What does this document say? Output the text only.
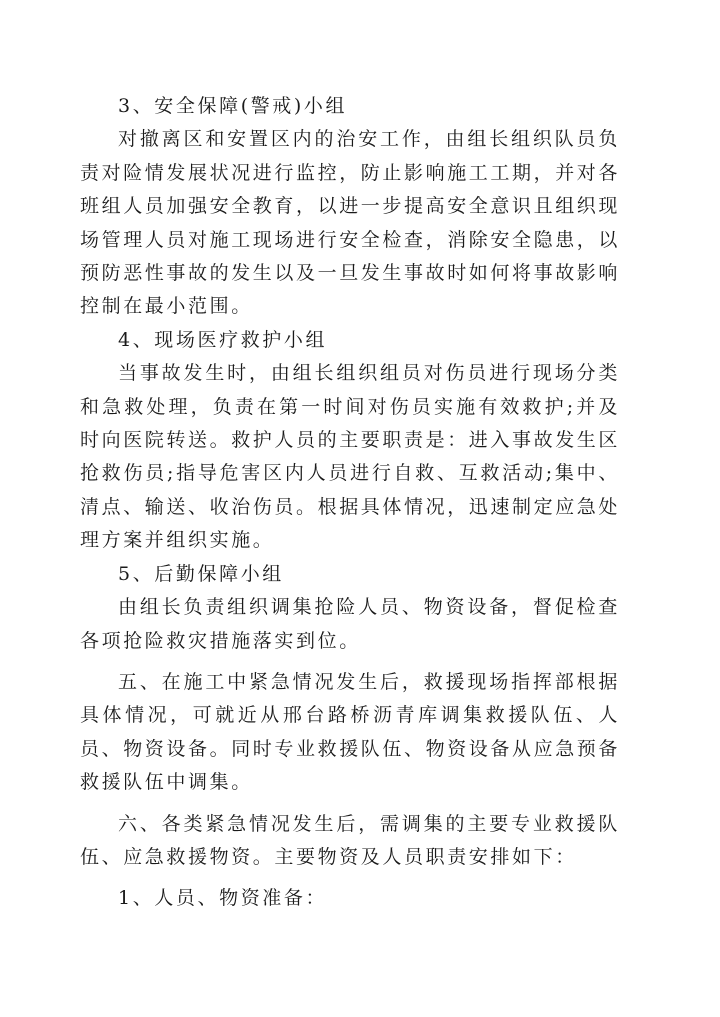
3、安全保障(警戒)小组

对撤离区和安置区内的治安工作，由组长组织队员负责对险情发展状况进行监控，防止影响施工工期，并对各班组人员加强安全教育，以进一步提高安全意识且组织现场管理人员对施工现场进行安全检查，消除安全隐患，以预防恶性事故的发生以及一旦发生事故时如何将事故影响控制在最小范围。

4、现场医疗救护小组

当事故发生时，由组长组织组员对伤员进行现场分类和急救处理，负责在第一时间对伤员实施有效救护;并及时向医院转送。救护人员的主要职责是：进入事故发生区抢救伤员;指导危害区内人员进行自救、互救活动;集中、清点、输送、收治伤员。根据具体情况，迅速制定应急处理方案并组织实施。

5、后勤保障小组

由组长负责组织调集抢险人员、物资设备，督促检查各项抢险救灾措施落实到位。

五、在施工中紧急情况发生后，救援现场指挥部根据具体情况，可就近从邢台路桥沥青库调集救援队伍、人员、物资设备。同时专业救援队伍、物资设备从应急预备救援队伍中调集。

六、各类紧急情况发生后，需调集的主要专业救援队伍、应急救援物资。主要物资及人员职责安排如下：

1、人员、物资准备：
